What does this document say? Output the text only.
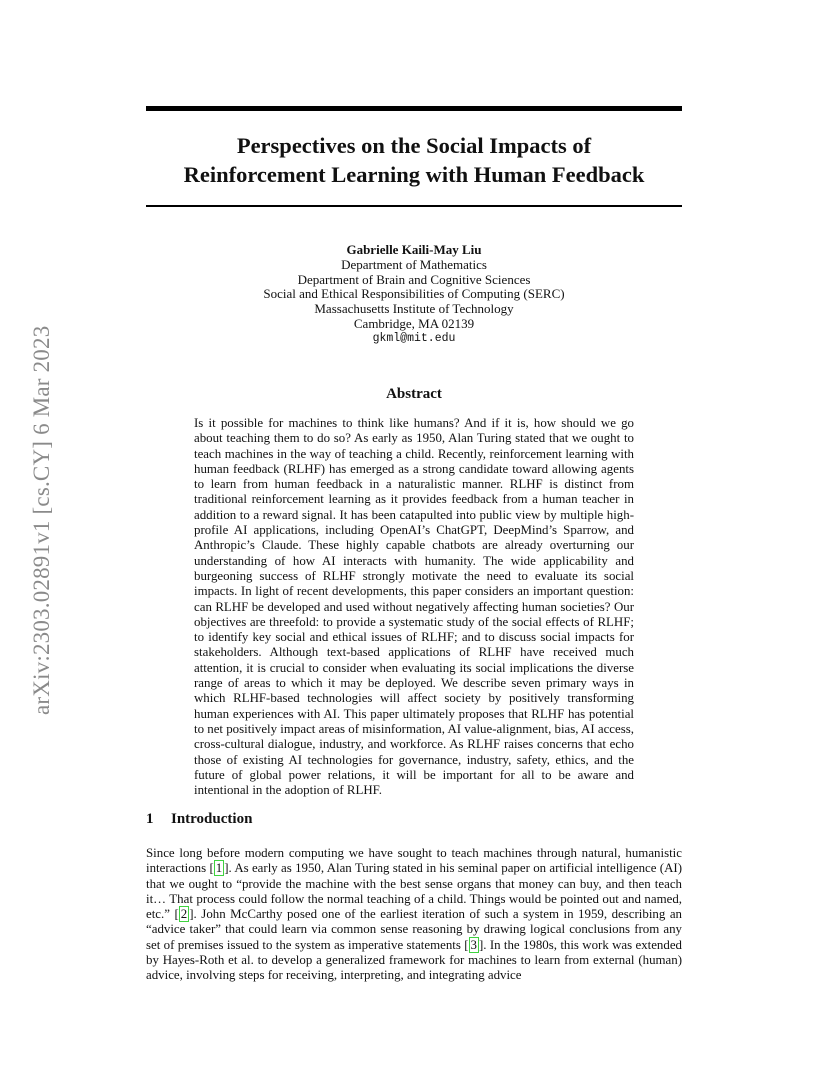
arXiv:2303.02891v1 [cs.CY] 6 Mar 2023
Perspectives on the Social Impacts of
Reinforcement Learning with Human Feedback
Gabrielle Kaili-May Liu
Department of Mathematics
Department of Brain and Cognitive Sciences
Social and Ethical Responsibilities of Computing (SERC)
Massachusetts Institute of Technology
Cambridge, MA 02139
gkml@mit.edu
Abstract

Is it possible for machines to think like humans? And if it is, how should we go about teaching them to do so? As early as 1950, Alan Turing stated that we ought to teach machines in the way of teaching a child. Recently, reinforcement learning with human feedback (RLHF) has emerged as a strong candidate toward allowing agents to learn from human feedback in a naturalistic manner. RLHF is distinct from traditional reinforcement learning as it provides feedback from a human teacher in addition to a reward signal. It has been catapulted into public view by multiple high-profile AI applications, including OpenAI’s ChatGPT, DeepMind’s Sparrow, and Anthropic’s Claude. These highly capable chatbots are already overturning our understanding of how AI interacts with humanity. The wide applicability and burgeoning success of RLHF strongly motivate the need to evaluate its social impacts. In light of recent developments, this paper considers an important question: can RLHF be developed and used without negatively affecting human societies? Our objectives are threefold: to provide a systematic study of the social effects of RLHF; to identify key social and ethical issues of RLHF; and to discuss social impacts for stakeholders. Although text-based applications of RLHF have received much attention, it is crucial to consider when evaluating its social implications the diverse range of areas to which it may be deployed. We describe seven primary ways in which RLHF-based technologies will affect society by positively transforming human experiences with AI. This paper ultimately proposes that RLHF has potential to net positively impact areas of misinformation, AI value-alignment, bias, AI access, cross-cultural dialogue, industry, and workforce. As RLHF raises concerns that echo those of existing AI technologies for governance, industry, safety, ethics, and the future of global power relations, it will be important for all to be aware and intentional in the adoption of RLHF.

1 Introduction

Since long before modern computing we have sought to teach machines through natural, humanistic interactions [ 1 ]. As early as 1950, Alan Turing stated in his seminal paper on artificial intelligence (AI) that we ought to “provide the machine with the best sense organs that money can buy, and then teach it… That process could follow the normal teaching of a child. Things would be pointed out and named, etc.” [ 2 ]. John McCarthy posed one of the earliest iteration of such a system in 1959, describing an “advice taker” that could learn via common sense reasoning by drawing logical conclusions from any set of premises issued to the system as imperative statements [ 3 ]. In the 1980s, this work was extended by Hayes-Roth et al. to develop a generalized framework for machines to learn from external (human) advice, involving steps for receiving, interpreting, and integrating advice
